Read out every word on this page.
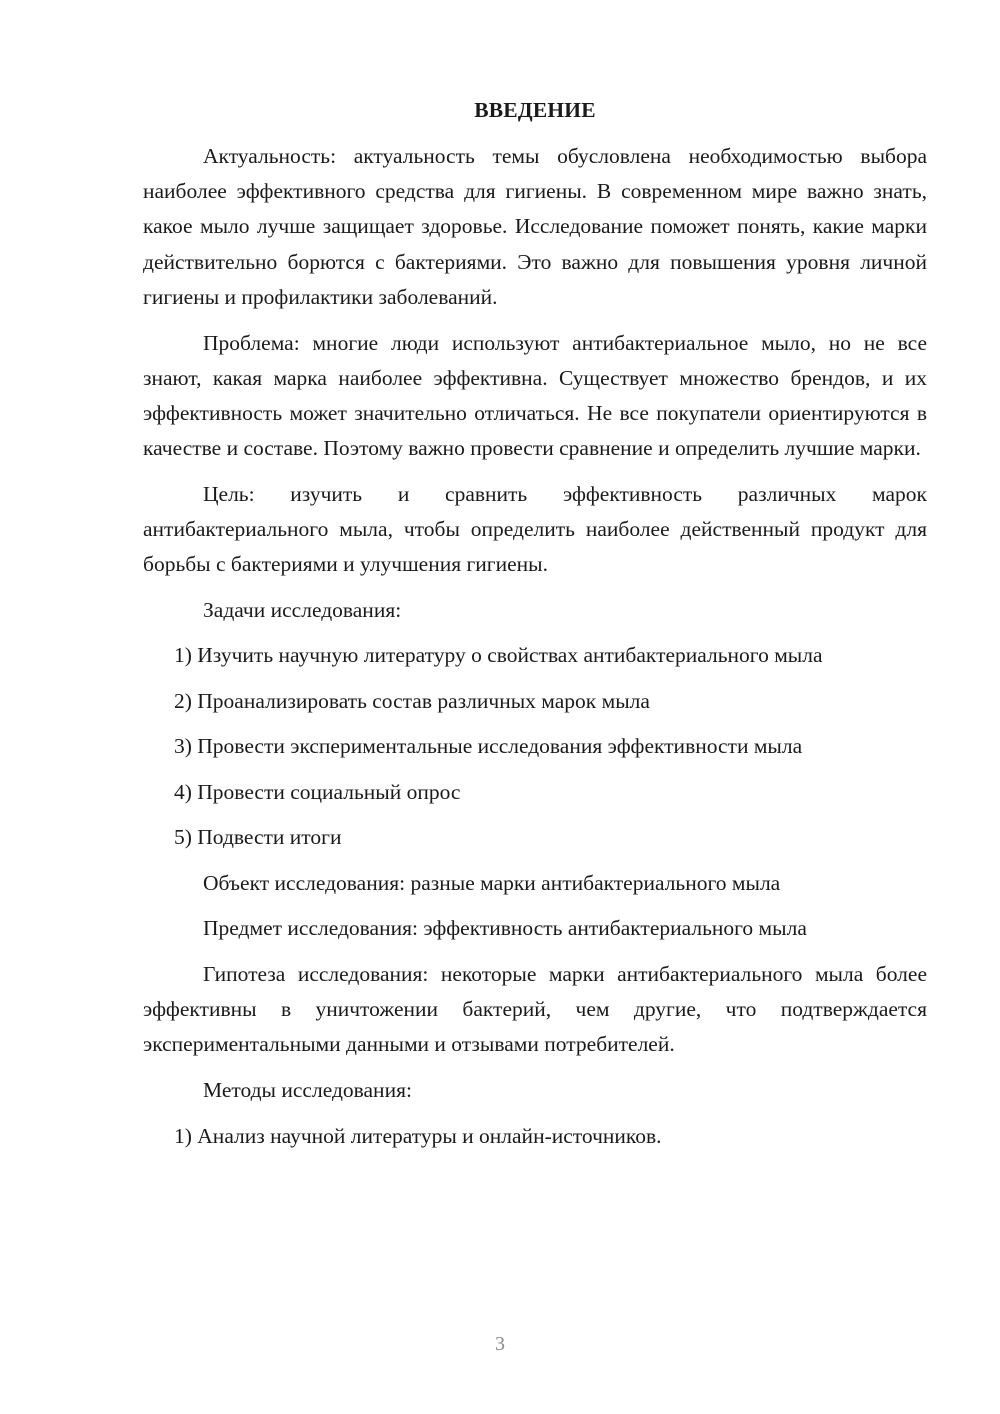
ВВЕДЕНИЕ

Актуальность: актуальность темы обусловлена необходимостью выбора наиболее эффективного средства для гигиены. В современном мире важно знать, какое мыло лучше защищает здоровье. Исследование поможет понять, какие марки действительно борются с бактериями. Это важно для повышения уровня личной гигиены и профилактики заболеваний.

Проблема: многие люди используют антибактериальное мыло, но не все знают, какая марка наиболее эффективна. Существует множество брендов, и их эффективность может значительно отличаться. Не все покупатели ориентируются в качестве и составе. Поэтому важно провести сравнение и определить лучшие марки.

Цель: изучить и сравнить эффективность различных марок антибактериального мыла, чтобы определить наиболее действенный продукт для борьбы с бактериями и улучшения гигиены.

Задачи исследования:

1) Изучить научную литературу о свойствах антибактериального мыла

2) Проанализировать состав различных марок мыла

3) Провести экспериментальные исследования эффективности мыла

4) Провести социальный опрос

5) Подвести итоги

Объект исследования: разные марки антибактериального мыла

Предмет исследования: эффективность антибактериального мыла

Гипотеза исследования: некоторые марки антибактериального мыла более эффективны в уничтожении бактерий, чем другие, что подтверждается экспериментальными данными и отзывами потребителей.

Методы исследования:

1) Анализ научной литературы и онлайн-источников.

3
